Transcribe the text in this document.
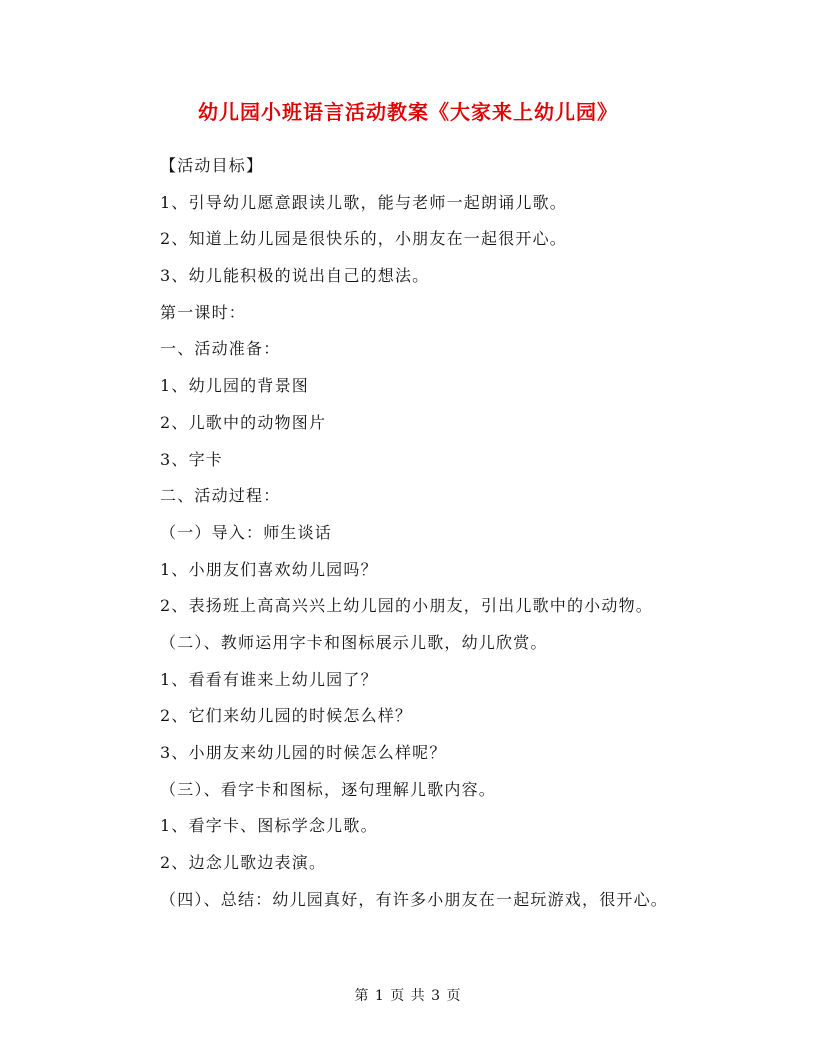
幼儿园小班语言活动教案《大家来上幼儿园》
【活动目标】
1、引导幼儿愿意跟读儿歌，能与老师一起朗诵儿歌。
2、知道上幼儿园是很快乐的，小朋友在一起很开心。
3、幼儿能积极的说出自己的想法。
第一课时：
一、活动准备：
1、幼儿园的背景图
2、儿歌中的动物图片
3、字卡
二、活动过程：
（一）导入：师生谈话
1、小朋友们喜欢幼儿园吗？
2、表扬班上高高兴兴上幼儿园的小朋友，引出儿歌中的小动物。
（二）、教师运用字卡和图标展示儿歌，幼儿欣赏。
1、看看有谁来上幼儿园了？
2、它们来幼儿园的时候怎么样？
3、小朋友来幼儿园的时候怎么样呢？
（三）、看字卡和图标，逐句理解儿歌内容。
1、看字卡、图标学念儿歌。
2、边念儿歌边表演。
（四）、总结：幼儿园真好，有许多小朋友在一起玩游戏，很开心。
第 1 页 共 3 页
